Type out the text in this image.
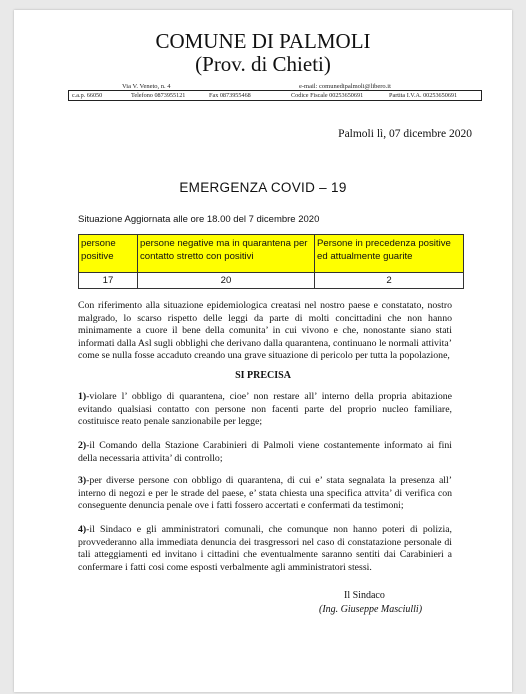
COMUNE DI PALMOLI
(Prov. di Chieti)
Via V. Veneto, n. 4	e-mail: comunedipalmoli@libero.it
c.a.p. 66050	Telefono 0873955121	Fax 0873955468	Codice Fiscale 00253650691	Partita I.V.A. 00253650691
Palmoli lì, 07 dicembre 2020
EMERGENZA COVID – 19
Situazione Aggiornata alle ore 18.00 del 7 dicembre 2020
persone positive	persone negative ma in quarantena per contatto stretto con positivi	Persone in precedenza positive ed attualmente guarite
17	20	2
Con riferimento alla situazione epidemiologica creatasi nel nostro paese e constatato, nostro malgrado, lo scarso rispetto delle leggi da parte di molti concittadini che non hanno minimamente a cuore il bene della comunita’ in cui vivono e che, nonostante siano stati informati dalla Asl sugli obblighi che derivano dalla quarantena, continuano le normali attivita’ come se nulla fosse accaduto creando una grave situazione di pericolo per tutta la popolazione,
SI PRECISA
1)-violare l’ obbligo di quarantena, cioe’ non restare all’ interno della propria abitazione evitando qualsiasi contatto con persone non facenti parte del proprio nucleo familiare, costituisce reato penale sanzionabile per legge;
2)-il Comando della Stazione Carabinieri di Palmoli viene costantemente informato ai fini della necessaria attivita’ di controllo;
3)-per diverse persone con obbligo di quarantena, di cui e’ stata segnalata la presenza all’ interno di negozi e per le strade del paese, e’ stata chiesta una specifica attvita’ di verifica con conseguente denuncia penale ove i fatti fossero accertati e confermati da testimoni;
4)-il Sindaco e gli amministratori comunali, che comunque non hanno poteri di polizia, provvederanno alla immediata denuncia dei trasgressori nel caso di constatazione personale di tali atteggiamenti ed invitano i cittadini che eventualmente saranno sentiti dai Carabinieri a confermare i fatti cosi come esposti verbalmente agli amministratori stessi.
Il Sindaco
(Ing. Giuseppe Masciulli)
